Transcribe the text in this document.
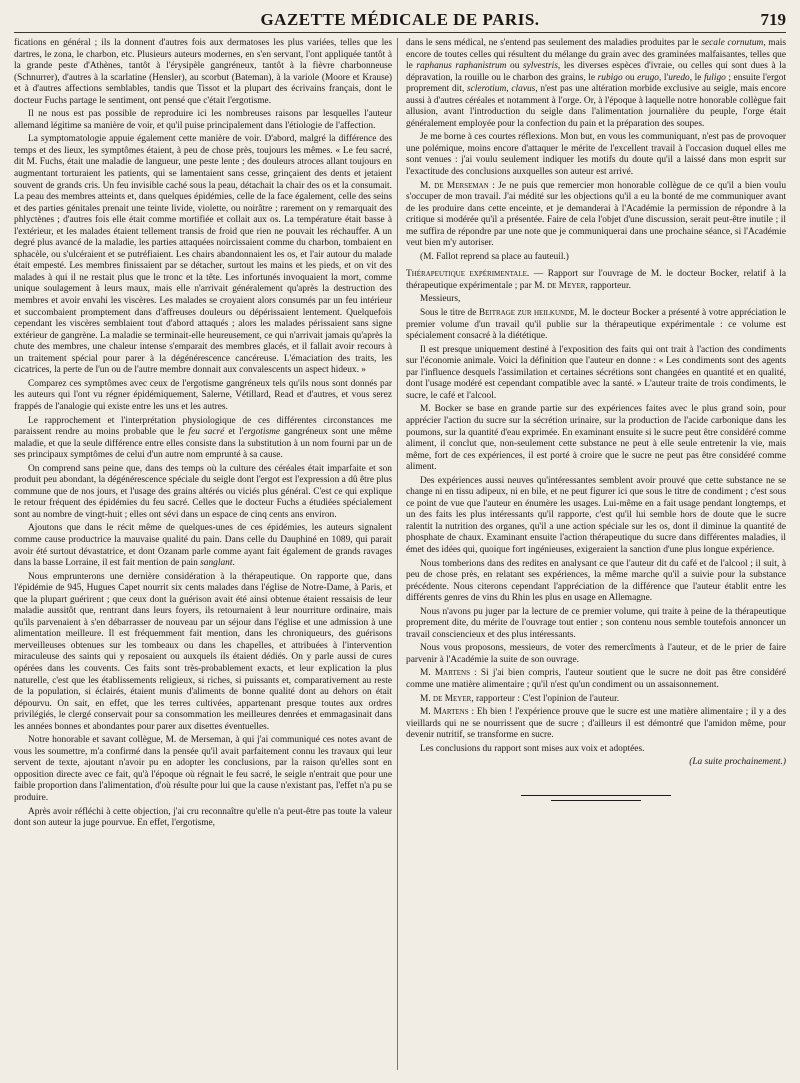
GAZETTE MÉDICALE DE PARIS.	719

fications en général ; ils la donnent d'autres fois aux dermatoses les plus variées, telles que les dartres, le zona, le charbon, etc. Plusieurs auteurs modernes, en s'en servant, l'ont appliquée tantôt à la grande peste d'Athènes, tantôt à l'érysipèle gangréneux, tantôt à la fièvre charbonneuse (Schnurrer), d'autres à la scarlatine (Hensler), au scorbut (Bateman), à la variole (Moore et Krause) et à d'autres affections semblables, tandis que Tissot et la plupart des écrivains français, dont le docteur Fuchs partage le sentiment, ont pensé que c'était l'ergotisme.

Il ne nous est pas possible de reproduire ici les nombreuses raisons par lesquelles l'auteur allemand légitime sa manière de voir, et qu'il puise principalement dans l'étiologie de l'affection.

La symptomatologie appuie également cette manière de voir. D'abord, malgré la différence des temps et des lieux, les symptômes étaient, à peu de chose près, toujours les mêmes. « Le feu sacré, dit M. Fuchs, était une maladie de langueur, une peste lente ; des douleurs atroces allant toujours en augmentant torturaient les patients, qui se lamentaient sans cesse, grinçaient des dents et jetaient souvent de grands cris. Un feu invisible caché sous la peau, détachait la chair des os et la consumait. La peau des membres atteints et, dans quelques épidémies, celle de la face également, celle des seins et des parties génitales prenait une teinte livide, violette, ou noirâtre ; rarement on y remarquait des phlyctènes ; d'autres fois elle était comme mortifiée et collait aux os. La température était basse à l'extérieur, et les malades étaient tellement transis de froid que rien ne pouvait les réchauffer. A un degré plus avancé de la maladie, les parties attaquées noircissaient comme du charbon, tombaient en sphacèle, ou s'ulcéraient et se putréfiaient. Les chairs abandonnaient les os, et l'air autour du malade était empesté. Les membres finissaient par se détacher, surtout les mains et les pieds, et on vit des malades à qui il ne restait plus que le tronc et la tête. Les infortunés invoquaient la mort, comme unique soulagement à leurs maux, mais elle n'arrivait généralement qu'après la destruction des membres et avoir envahi les viscères. Les malades se croyaient alors consumés par un feu intérieur et succombaient promptement dans d'affreuses douleurs ou dépérissaient lentement. Quelquefois cependant les viscères semblaient tout d'abord attaqués ; alors les malades périssaient sans signe extérieur de gangrène. La maladie se terminait-elle heureusement, ce qui n'arrivait jamais qu'après la chute des membres, une chaleur intense s'emparait des membres glacés, et il fallait avoir recours à un traitement spécial pour parer à la dégénérescence cancéreuse. L'émaciation des traits, les cicatrices, la perte de l'un ou de l'autre membre donnait aux convalescents un aspect hideux. »

Comparez ces symptômes avec ceux de l'ergotisme gangréneux tels qu'ils nous sont donnés par les auteurs qui l'ont vu régner épidémiquement, Salerne, Vétillard, Read et d'autres, et vous serez frappés de l'analogie qui existe entre les uns et les autres.

Le rapprochement et l'interprétation physiologique de ces différentes circonstances me paraissent rendre au moins probable que le feu sacré et l'ergotisme gangréneux sont une même maladie, et que la seule différence entre elles consiste dans la substitution à un nom fourni par un de ses principaux symptômes de celui d'un autre nom emprunté à sa cause.

On comprend sans peine que, dans des temps où la culture des céréales était imparfaite et son produit peu abondant, la dégénérescence spéciale du seigle dont l'ergot est l'expression a dû être plus commune que de nos jours, et l'usage des grains altérés ou viciés plus général. C'est ce qui explique le retour fréquent des épidémies du feu sacré. Celles que le docteur Fuchs a étudiées spécialement sont au nombre de vingt-huit ; elles ont sévi dans un espace de cinq cents ans environ.

Ajoutons que dans le récit même de quelques-unes de ces épidémies, les auteurs signalent comme cause productrice la mauvaise qualité du pain. Dans celle du Dauphiné en 1089, qui parait avoir été surtout dévastatrice, et dont Ozanam parle comme ayant fait également de grands ravages dans la basse Lorraine, il est fait mention de pain sanglant.

Nous emprunterons une dernière considération à la thérapeutique. On rapporte que, dans l'épidémie de 945, Hugues Capet nourrit six cents malades dans l'église de Notre-Dame, à Paris, et que la plupart guérirent ; que ceux dont la guérison avait été ainsi obtenue étaient ressaisis de leur maladie aussitôt que, rentrant dans leurs foyers, ils retournaient à leur nourriture ordinaire, mais qu'ils parvenaient à s'en débarrasser de nouveau par un séjour dans l'église et une admission à une alimentation meilleure. Il est fréquemment fait mention, dans les chroniqueurs, des guérisons merveilleuses obtenues sur les tombeaux ou dans les chapelles, et attribuées à l'intervention miraculeuse des saints qui y reposaient ou auxquels ils étaient dédiés. On y parle aussi de cures opérées dans les couvents. Ces faits sont très-probablement exacts, et leur explication la plus naturelle, c'est que les établissements religieux, si riches, si puissants et, comparativement au reste de la population, si éclairés, étaient munis d'aliments de bonne qualité dont au dehors on était dépourvu. On sait, en effet, que les terres cultivées, appartenant presque toutes aux ordres privilégiés, le clergé conservait pour sa consommation les meilleures denrées et emmagasinait dans les années bonnes et abondantes pour parer aux disettes éventuelles.

Notre honorable et savant collègue, M. de Merseman, à qui j'ai communiqué ces notes avant de vous les soumettre, m'a confirmé dans la pensée qu'il avait parfaitement connu les travaux qui leur servent de texte, ajoutant n'avoir pu en adopter les conclusions, par la raison qu'elles sont en opposition directe avec ce fait, qu'à l'époque où régnait le feu sacré, le seigle n'entrait que pour une faible proportion dans l'alimentation, d'où résulte pour lui que la cause n'existant pas, l'effet n'a pu se produire.

Après avoir réfléchi à cette objection, j'ai cru reconnaître qu'elle n'a peut-être pas toute la valeur dont son auteur la juge pourvue. En effet, l'ergotisme,

dans le sens médical, ne s'entend pas seulement des maladies produites par le secale cornutum, mais encore de toutes celles qui résultent du mélange du grain avec des graminées malfaisantes, telles que le raphanus raphanistrum ou sylvestris, les diverses espèces d'ivraie, ou celles qui sont dues à la dépravation, la rouille ou le charbon des grains, le rubigo ou erugo, l'uredo, le fuligo ; ensuite l'ergot proprement dit, sclerotium, clavus, n'est pas une altération morbide exclusive au seigle, mais encore aussi à d'autres céréales et notamment à l'orge. Or, à l'époque à laquelle notre honorable collègue fait allusion, avant l'introduction du seigle dans l'alimentation journalière du peuple, l'orge était généralement employée pour la confection du pain et la préparation des soupes.

Je me borne à ces courtes réflexions. Mon but, en vous les communiquant, n'est pas de provoquer une polémique, moins encore d'attaquer le mérite de l'excellent travail à l'occasion duquel elles me sont venues : j'ai voulu seulement indiquer les motifs du doute qu'il a laissé dans mon esprit sur l'exactitude des conclusions auxquelles son auteur est arrivé.

M. de Merseman : Je ne puis que remercier mon honorable collègue de ce qu'il a bien voulu s'occuper de mon travail. J'ai médité sur les objections qu'il a eu la bonté de me communiquer avant de les produire dans cette enceinte, et je demanderai à l'Académie la permission de répondre à la critique si modérée qu'il a présentée. Faire de cela l'objet d'une discussion, serait peut-être inutile ; il me suffira de répondre par une note que je communiquerai dans une prochaine séance, si l'Académie veut bien m'y autoriser.

(M. Fallot reprend sa place au fauteuil.)

Thérapeutique expérimentale. — Rapport sur l'ouvrage de M. le docteur Bocker, relatif à la thérapeutique expérimentale ; par M. de Meyer, rapporteur.

Messieurs,

Sous le titre de Beitrage zur heilkunde, M. le docteur Bocker a présenté à votre appréciation le premier volume d'un travail qu'il publie sur la thérapeutique expérimentale : ce volume est spécialement consacré à la diététique.

Il est presque uniquement destiné à l'exposition des faits qui ont trait à l'action des condiments sur l'économie animale. Voici la définition que l'auteur en donne : « Les condiments sont des agents par l'influence desquels l'assimilation et certaines sécrétions sont changées en quantité et en qualité, dont l'usage modéré est cependant compatible avec la santé. » L'auteur traite de trois condiments, le sucre, le café et l'alcool.

M. Bocker se base en grande partie sur des expériences faites avec le plus grand soin, pour apprécier l'action du sucre sur la sécrétion urinaire, sur la production de l'acide carbonique dans les poumons, sur la quantité d'eau exprimée. En examinant ensuite si le sucre peut être considéré comme aliment, il conclut que, non-seulement cette substance ne peut à elle seule entretenir la vie, mais même, fort de ces expériences, il est porté à croire que le sucre ne peut pas être considéré comme aliment.

Des expériences aussi neuves qu'intéressantes semblent avoir prouvé que cette substance ne se change ni en tissu adipeux, ni en bile, et ne peut figurer ici que sous le titre de condiment ; c'est sous ce point de vue que l'auteur en énumère les usages. Lui-même en a fait usage pendant longtemps, et un des faits les plus intéressants qu'il rapporte, c'est qu'il lui semble hors de doute que le sucre ralentit la nutrition des organes, qu'il a une action spéciale sur les os, dont il diminue la quantité de phosphate de chaux. Examinant ensuite l'action thérapeutique du sucre dans différentes maladies, il émet des idées qui, quoique fort ingénieuses, exigeraient la sanction d'une plus longue expérience.

Nous tomberions dans des redites en analysant ce que l'auteur dit du café et de l'alcool ; il suit, à peu de chose près, en relatant ses expériences, la même marche qu'il a suivie pour la substance précédente. Nous citerons cependant l'appréciation de la différence que l'auteur établit entre les différents genres de vins du Rhin les plus en usage en Allemagne.

Nous n'avons pu juger par la lecture de ce premier volume, qui traite à peine de la thérapeutique proprement dite, du mérite de l'ouvrage tout entier ; son contenu nous semble toutefois annoncer un travail consciencieux et des plus intéressants.

Nous vous proposons, messieurs, de voter des remercîments à l'auteur, et de le prier de faire parvenir à l'Académie la suite de son ouvrage.

M. Martens : Si j'ai bien compris, l'auteur soutient que le sucre ne doit pas être considéré comme une matière alimentaire ; qu'il n'est qu'un condiment ou un assaisonnement.

M. de Meyer, rapporteur : C'est l'opinion de l'auteur.

M. Martens : Eh bien ! l'expérience prouve que le sucre est une matière alimentaire ; il y a des vieillards qui ne se nourrissent que de sucre ; d'ailleurs il est démontré que l'amidon même, pour devenir nutritif, se transforme en sucre.

Les conclusions du rapport sont mises aux voix et adoptées.

(La suite prochainement.)
